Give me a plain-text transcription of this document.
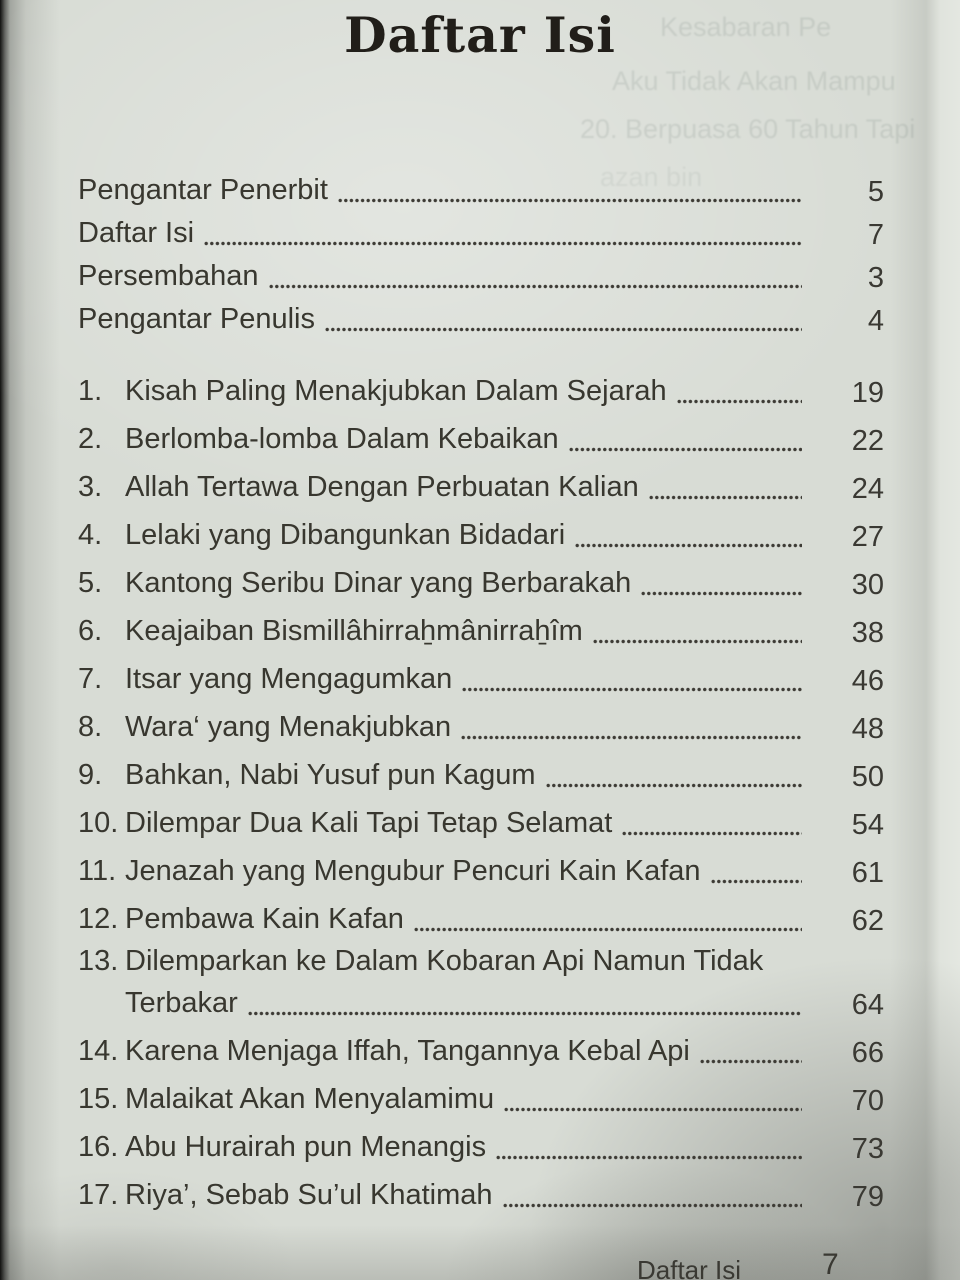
Kesabaran Pe
Aku Tidak Akan Mampu
20. Berpuasa 60 Tahun Tapi
azan bin
Daftar Isi
Pengantar Penerbit	5
Daftar Isi	7
Persembahan	3
Pengantar Penulis	4
1. Kisah Paling Menakjubkan Dalam Sejarah	19
2. Berlomba-lomba Dalam Kebaikan	22
3. Allah Tertawa Dengan Perbuatan Kalian	24
4. Lelaki yang Dibangunkan Bidadari	27
5. Kantong Seribu Dinar yang Berbarakah	30
6. Keajaiban Bismillâhirraẖmânirraẖîm	38
7. Itsar yang Mengagumkan	46
8. Wara‘ yang Menakjubkan	48
9. Bahkan, Nabi Yusuf pun Kagum	50
10. Dilempar Dua Kali Tapi Tetap Selamat	54
11. Jenazah yang Mengubur Pencuri Kain Kafan	61
12. Pembawa Kain Kafan	62
13. Dilemparkan ke Dalam Kobaran Api Namun Tidak
Terbakar	64
14. Karena Menjaga Iffah, Tangannya Kebal Api	66
15. Malaikat Akan Menyalamimu	70
16. Abu Hurairah pun Menangis	73
17. Riya’, Sebab Su’ul Khatimah	79
Daftar Isi	7
